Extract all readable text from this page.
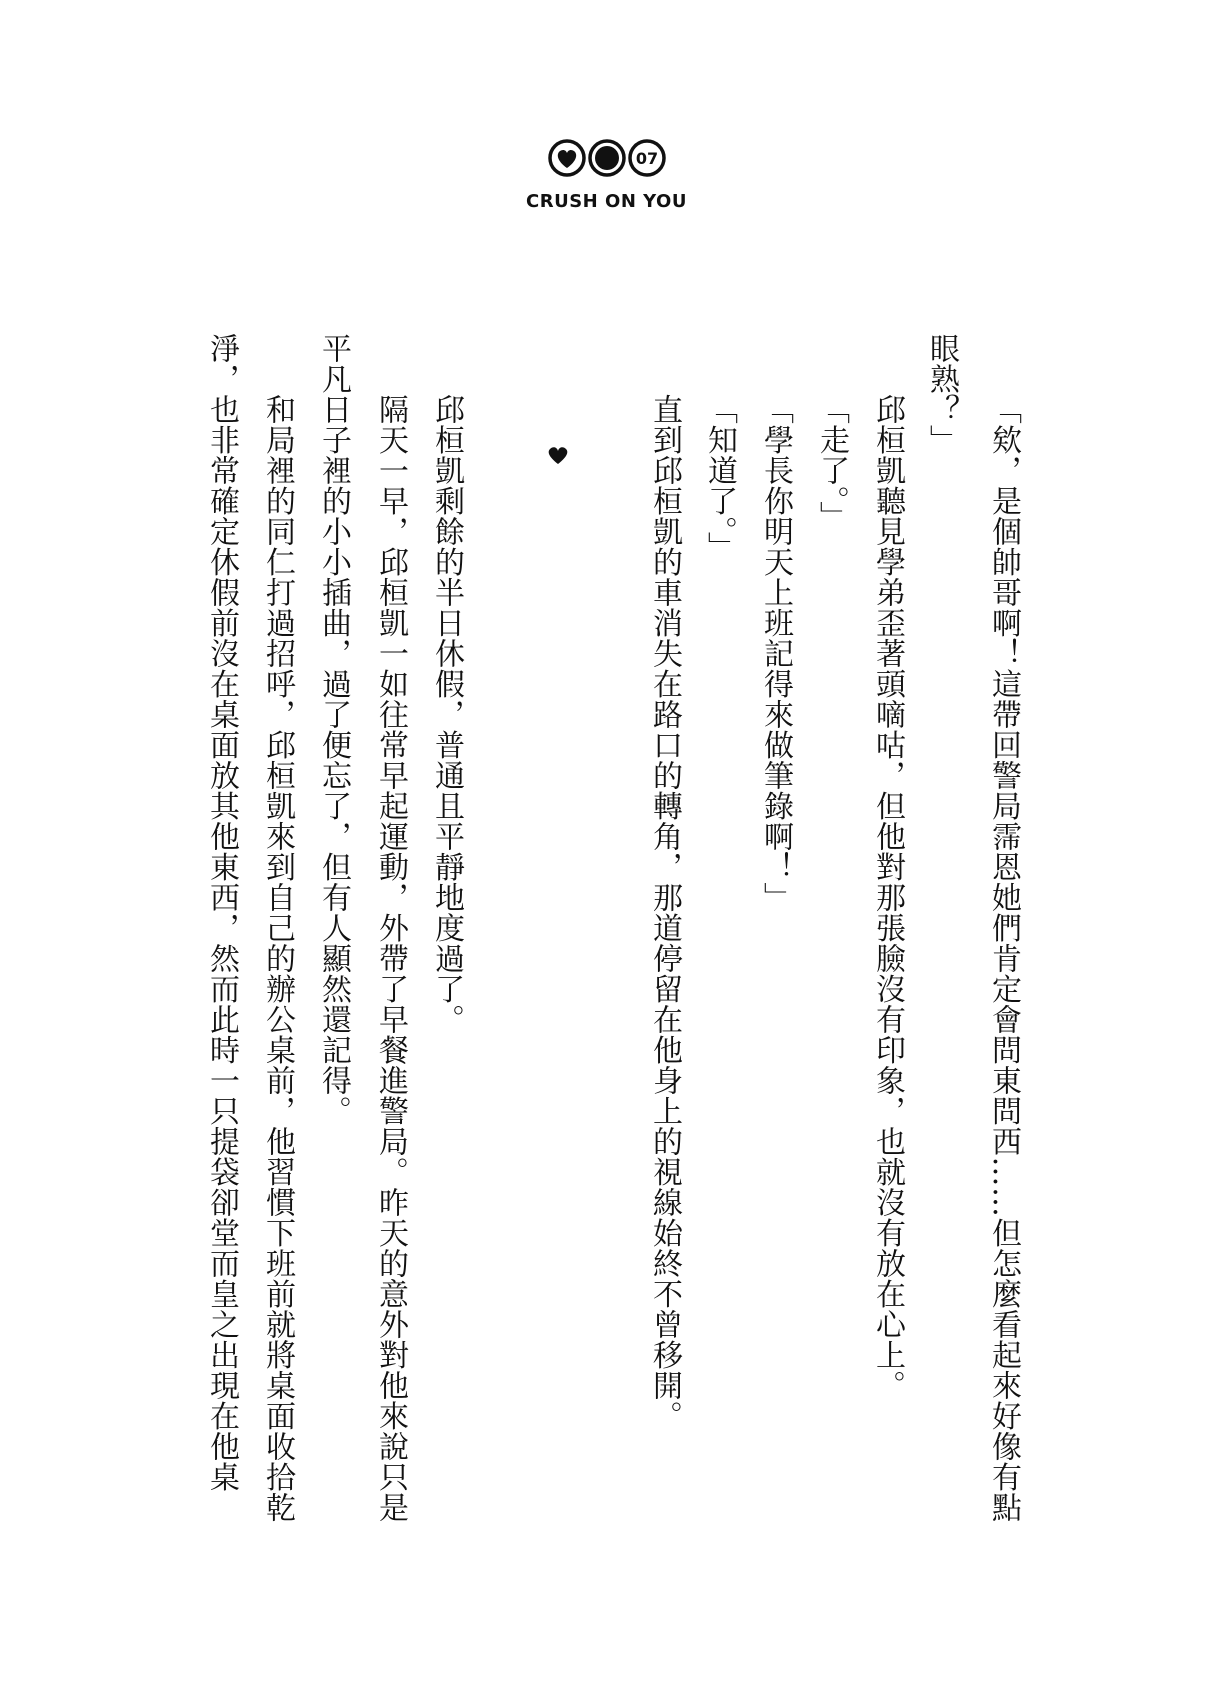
07
CRUSH ON YOU
「欸，是個帥哥啊！這帶回警局霈恩她們肯定會問東問西……但怎麼看起來好像有點
眼熟？」
邱桓凱聽見學弟歪著頭嘀咕，但他對那張臉沒有印象，也就沒有放在心上。
「走了。」
「學長你明天上班記得來做筆錄啊！」
「知道了。」
直到邱桓凱的車消失在路口的轉角，那道停留在他身上的視線始終不曾移開。
邱桓凱剩餘的半日休假，普通且平靜地度過了。
隔天一早，邱桓凱一如往常早起運動，外帶了早餐進警局。昨天的意外對他來說只是
平凡日子裡的小小插曲，過了便忘了，但有人顯然還記得。
和局裡的同仁打過招呼，邱桓凱來到自己的辦公桌前，他習慣下班前就將桌面收拾乾
淨，也非常確定休假前沒在桌面放其他東西，然而此時一只提袋卻堂而皇之出現在他桌
